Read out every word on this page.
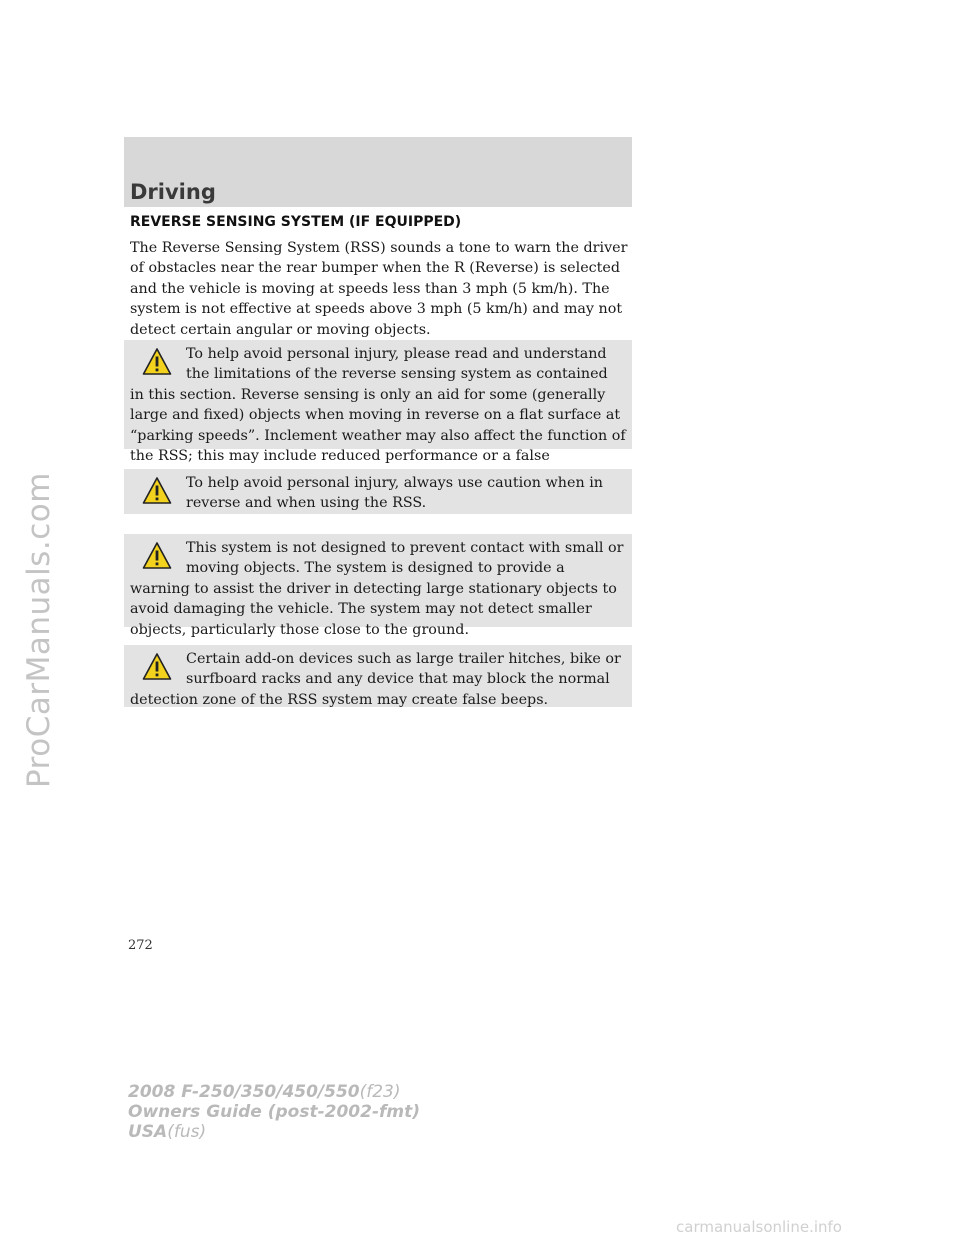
ProCarManuals.com
Driving
REVERSE SENSING SYSTEM (IF EQUIPPED)

The Reverse Sensing System (RSS) sounds a tone to warn the driver of obstacles near the rear bumper when the R (Reverse) is selected and the vehicle is moving at speeds less than 3 mph (5 km/h). The system is not effective at speeds above 3 mph (5 km/h) and may not detect certain angular or moving objects.

To help avoid personal injury, please read and understand the limitations of the reverse sensing system as contained in this section. Reverse sensing is only an aid for some (generally large and fixed) objects when moving in reverse on a flat surface at “parking speeds”. Inclement weather may also affect the function of the RSS; this may include reduced performance or a false

To help avoid personal injury, always use caution when in reverse and when using the RSS.

This system is not designed to prevent contact with small or moving objects. The system is designed to provide a warning to assist the driver in detecting large stationary objects to avoid damaging the vehicle. The system may not detect smaller objects, particularly those close to the ground.

Certain add-on devices such as large trailer hitches, bike or surfboard racks and any device that may block the normal detection zone of the RSS system may create false beeps.

272
2008 F-250/350/450/550(f23)
Owners Guide (post-2002-fmt)
USA(fus)
carmanualsonline.info
